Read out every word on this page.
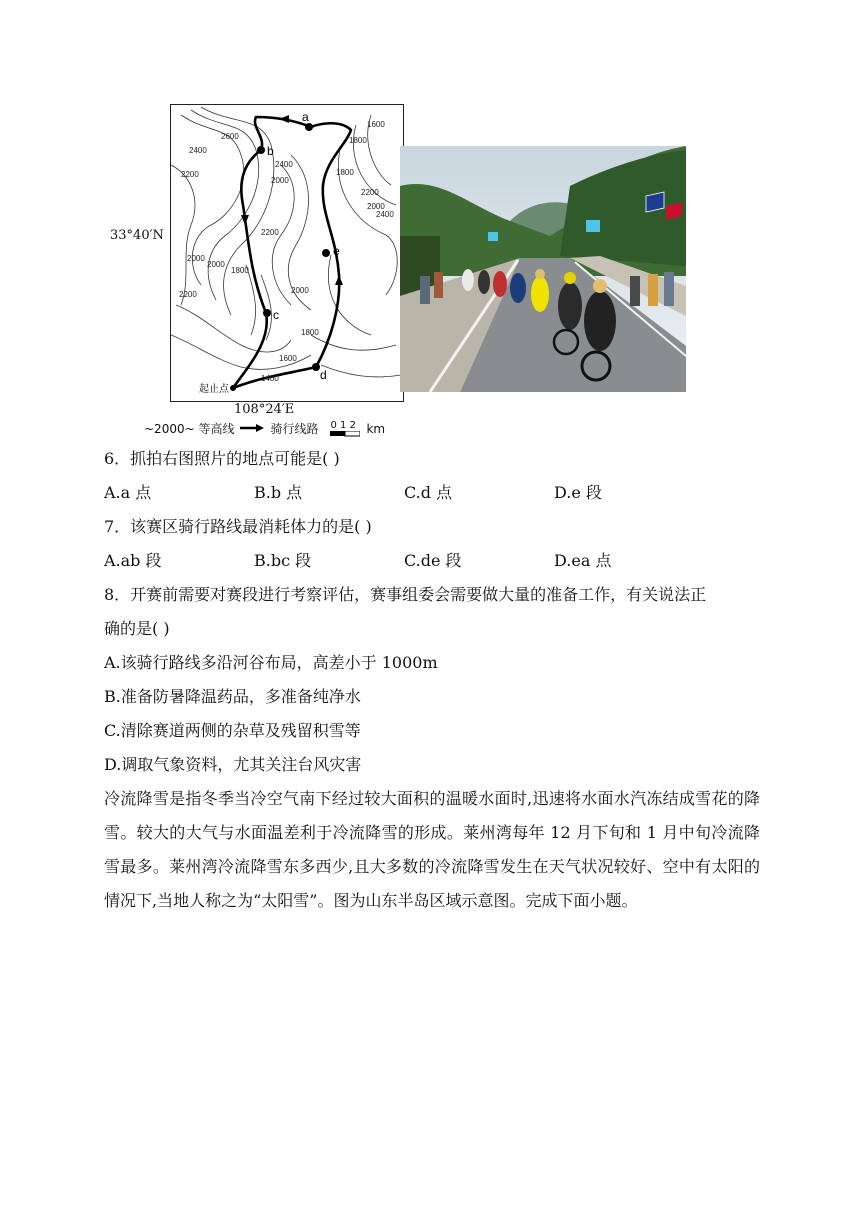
33°40′N
a
b
c
d
e
起止点
1600
1800
2600
2400
2200
2000
2400
2200
2000
1800
2200
2000
1600
1400
2000
1800
2200
2400
2000
1800
108°24′E
~2000~ 等高线	骑行线路 0 1 2 km
6．抓拍右图照片的地点可能是( )
A.a 点	B.b 点	C.d 点	D.e 段
7．该赛区骑行路线最消耗体力的是( )
A.ab 段	B.bc 段	C.de 段	D.ea 点
8．开赛前需要对赛段进行考察评估，赛事组委会需要做大量的准备工作，有关说法正
确的是( )
A.该骑行路线多沿河谷布局，高差小于 1000m
B.准备防暑降温药品，多准备纯净水
C.清除赛道两侧的杂草及残留积雪等
D.调取气象资料，尤其关注台风灾害
冷流降雪是指冬季当冷空气南下经过较大面积的温暖水面时,迅速将水面水汽冻结成雪花的降雪。较大的大气与水面温差利于冷流降雪的形成。莱州湾每年 12 月下旬和 1 月中旬冷流降雪最多。莱州湾冷流降雪东多西少,且大多数的冷流降雪发生在天气状况较好、空中有太阳的情况下,当地人称之为“太阳雪”。图为山东半岛区域示意图。完成下面小题。
